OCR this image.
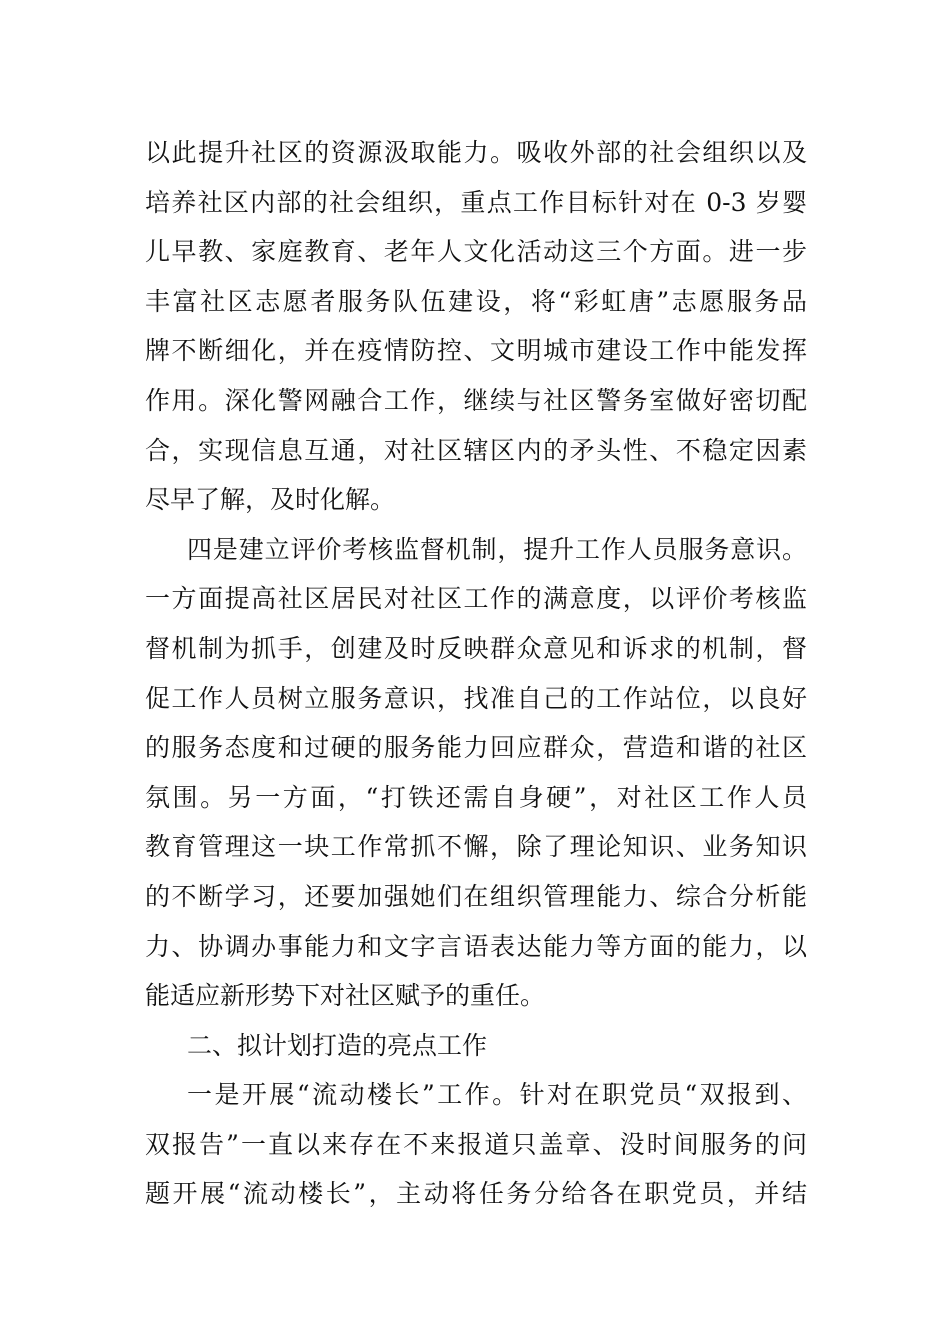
以此提升社区的资源汲取能力。吸收外部的社会组织以及
培养社区内部的社会组织，重点工作目标针对在 0-3 岁婴
儿早教、家庭教育、老年人文化活动这三个方面。进一步
丰富社区志愿者服务队伍建设，将“彩虹唐”志愿服务品
牌不断细化，并在疫情防控、文明城市建设工作中能发挥
作用。深化警网融合工作，继续与社区警务室做好密切配
合，实现信息互通，对社区辖区内的矛头性、不稳定因素
尽早了解，及时化解。
四是建立评价考核监督机制，提升工作人员服务意识。
一方面提高社区居民对社区工作的满意度，以评价考核监
督机制为抓手，创建及时反映群众意见和诉求的机制，督
促工作人员树立服务意识，找准自己的工作站位，以良好
的服务态度和过硬的服务能力回应群众，营造和谐的社区
氛围。另一方面，“打铁还需自身硬”，对社区工作人员
教育管理这一块工作常抓不懈，除了理论知识、业务知识
的不断学习，还要加强她们在组织管理能力、综合分析能
力、协调办事能力和文字言语表达能力等方面的能力，以
能适应新形势下对社区赋予的重任。
二、拟计划打造的亮点工作
一是开展“流动楼长”工作。针对在职党员“双报到、
双报告”一直以来存在不来报道只盖章、没时间服务的问
题开展“流动楼长”，主动将任务分给各在职党员，并结
